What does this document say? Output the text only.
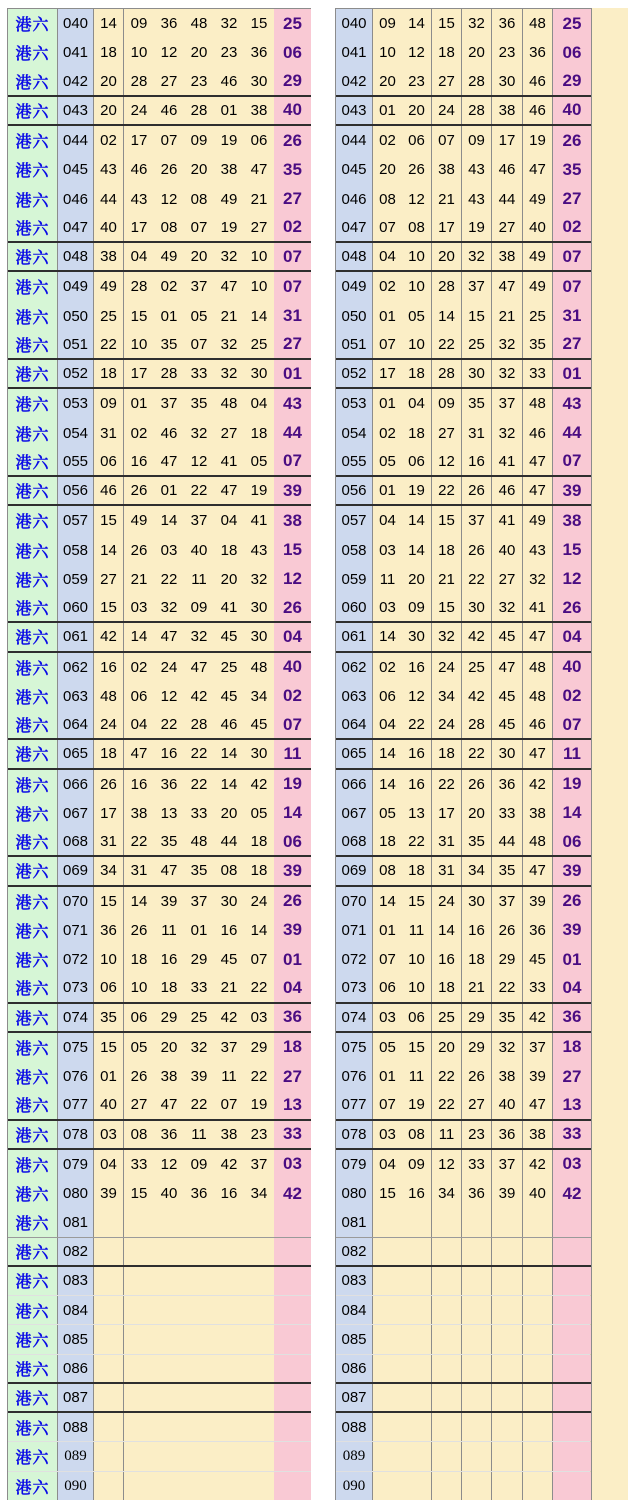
港六 040 14 09 36 48 32 15 25
港六 041 18 10 12 20 23 36 06
港六 042 20 28 27 23 46 30 29
港六 043 20 24 46 28 01 38 40
港六 044 02 17 07 09 19 06 26
港六 045 43 46 26 20 38 47 35
港六 046 44 43 12 08 49 21 27
港六 047 40 17 08 07 19 27 02
港六 048 38 04 49 20 32 10 07
港六 049 49 28 02 37 47 10 07
港六 050 25 15 01 05 21 14 31
港六 051 22 10 35 07 32 25 27
港六 052 18 17 28 33 32 30 01
港六 053 09 01 37 35 48 04 43
港六 054 31 02 46 32 27 18 44
港六 055 06 16 47 12 41 05 07
港六 056 46 26 01 22 47 19 39
港六 057 15 49 14 37 04 41 38
港六 058 14 26 03 40 18 43 15
港六 059 27 21 22 11 20 32 12
港六 060 15 03 32 09 41 30 26
港六 061 42 14 47 32 45 30 04
港六 062 16 02 24 47 25 48 40
港六 063 48 06 12 42 45 34 02
港六 064 24 04 22 28 46 45 07
港六 065 18 47 16 22 14 30 11
港六 066 26 16 36 22 14 42 19
港六 067 17 38 13 33 20 05 14
港六 068 31 22 35 48 44 18 06
港六 069 34 31 47 35 08 18 39
港六 070 15 14 39 37 30 24 26
港六 071 36 26 11 01 16 14 39
港六 072 10 18 16 29 45 07 01
港六 073 06 10 18 33 21 22 04
港六 074 35 06 29 25 42 03 36
港六 075 15 05 20 32 37 29 18
港六 076 01 26 38 39 11 22 27
港六 077 40 27 47 22 07 19 13
港六 078 03 08 36 11 38 23 33
港六 079 04 33 12 09 42 37 03
港六 080 39 15 40 36 16 34 42
港六 081
港六 082
港六 083
港六 084
港六 085
港六 086
港六 087
港六 088
港六 089
港六 090
040 09 14 15 32 36 48 25
041 10 12 18 20 23 36 06
042 20 23 27 28 30 46 29
043 01 20 24 28 38 46 40
044 02 06 07 09 17 19 26
045 20 26 38 43 46 47 35
046 08 12 21 43 44 49 27
047 07 08 17 19 27 40 02
048 04 10 20 32 38 49 07
049 02 10 28 37 47 49 07
050 01 05 14 15 21 25 31
051 07 10 22 25 32 35 27
052 17 18 28 30 32 33 01
053 01 04 09 35 37 48 43
054 02 18 27 31 32 46 44
055 05 06 12 16 41 47 07
056 01 19 22 26 46 47 39
057 04 14 15 37 41 49 38
058 03 14 18 26 40 43 15
059 11 20 21 22 27 32 12
060 03 09 15 30 32 41 26
061 14 30 32 42 45 47 04
062 02 16 24 25 47 48 40
063 06 12 34 42 45 48 02
064 04 22 24 28 45 46 07
065 14 16 18 22 30 47	11
066 14 16 22 26 36 42 19
067 05 13 17 20 33 38 14
068 18 22 31 35 44 48 06
069 08 18 31 34 35 47 39
070 14 15 24 30 37 39 26
071 01 11 14 16 26 36 39
072 07 10 16 18 29 45 01
073 06 10 18 21 22 33 04
074 03 06 25 29 35 42 36
075 05 15 20 29 32 37 18
076 01 11 22 26 38 39 27
077 07 19 22 27 40 47 13
078 03 08 11 23 36 38 33
079 04 09 12 33 37 42 03
080 15 16 34 36 39 40 42
081
082
083
084
085
086
087
088
089
090
